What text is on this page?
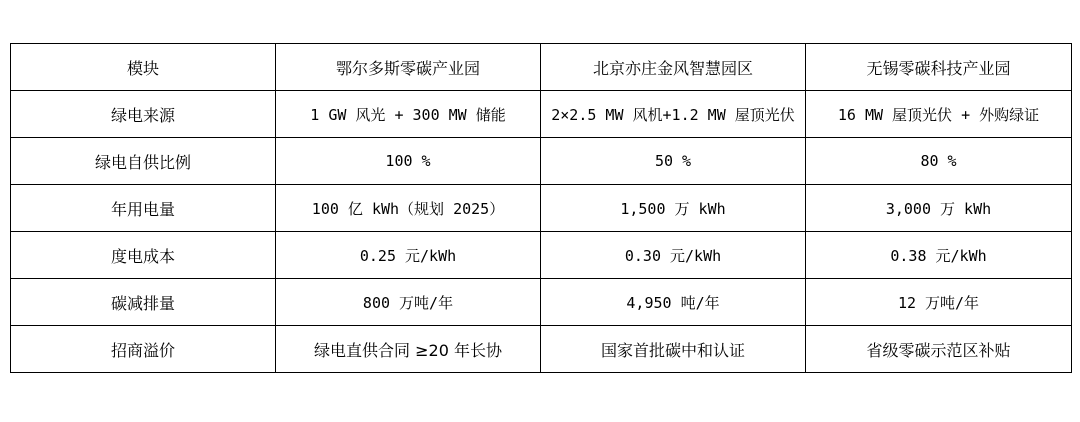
模块	鄂尔多斯零碳产业园	北京亦庄金风智慧园区	无锡零碳科技产业园
绿电来源	1 GW 风光 + 300 MW 储能	2×2.5 MW 风机+1.2 MW 屋顶光伏	16 MW 屋顶光伏 + 外购绿证
绿电自供比例	100 %	50 %	80 %
年用电量	100 亿 kWh（规划 2025）	1,500 万 kWh	3,000 万 kWh
度电成本	0.25 元/kWh	0.30 元/kWh	0.38 元/kWh
碳减排量	800 万吨/年	4,950 吨/年	12 万吨/年
招商溢价	绿电直供合同 ≥20 年长协	国家首批碳中和认证	省级零碳示范区补贴
